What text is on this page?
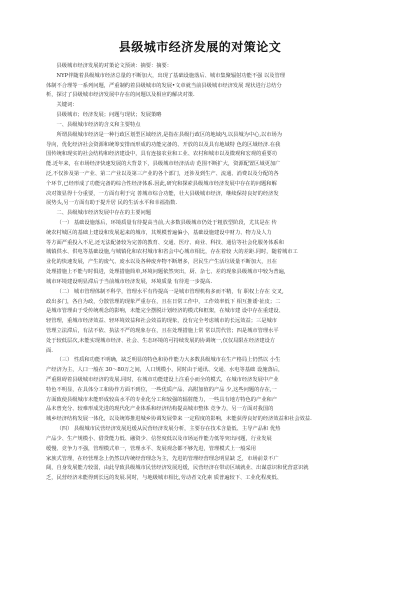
县级城市经济发展的对策论文
县级城市经济发展的对策论文预读：摘要：摘要：
NYP伴随着县级城市经济总量的不断加大，出现了基础设施落后、城市集聚辐射功能不强 以及管理
体制不合理等一系列问题，严重制约着县级城市的发展•文章就当前县级城市经济发展 现状进行总结分
析，探讨了县级城市经济发展中存在的问题以及相应的解决对策.
关键词：
县级城市；经济发展；问题与现状；发展策略
一、县级城市经济的含义和主要特点
所谓县级城市经济是一种行政区划型区域经济,是指在县级行政区的地域内,以县城为中心,以市场为
导向，优化经济社会资源和统筹安排而形成的功能完备的、开放的以及具有地域特 色的区域经济.在我
国传统和现实的社会结构和经济建设中，具有连接农业和工业、农村和城市以及微观和宏观的重要功
能.近年来，在市场经济快速发展的大背景下，县级城市经济活动 范围不断扩大，资源配置区域更加广
泛,不仅涉及第一产业、第二产业以及第三产业的各个部门，还涉及到生产、流通、消费以及分配的各
个环节,已经形成了功能完备的综合性经济体系.因此,研究和探索县级城市经济发展中存在的问题和解
决对策显得十分重要，一方面有利于完 善城市综合功能，壮大县级城市经济，继续保持良好的经济发
展势头,另一方面有助于提升居 民的生活水平和幸福指数.
二、县级城市经济发展中存在的主要问题
（一） 基础设施落后，环境质量有待提高当前,大多数县级城市仍处于粗放型阶段，尤其是在 传
统农村城区的基础上建设和发展起来的城市，其规模普遍偏小，基础设施建设中财力、物力及人力
等方面严重投入不足,还无法配备较为完善的教育、交通、医疗、商业、科技、通信等社会化服务体系和
城镇供水、供电等基础设施,与城镇化和农村城市和省会中心城市相比，存在着较 大的差距.同时，随着城市工
业化的快速发展，产生的废气、废水以及各种废弃物不断增多，居民生产生活垃圾量不断加大，且在
处理措施上不能与时俱进，处理措施简单,环境问题依然突出，厨、杂七、差的现象县级城市中较为普遍,
城市环境建设明显滞后于当前城市经济发展，环境质量 有待进一步提高.
（二） 城市管理体制不科学，管理水平有待提高一是城市管理机构多而不精，有 职权上存在 交叉,
政出多门，各自为政，分散管理的现象严重存在，且在日常工作中，工作效率低下 相互推诿·扯皮；二
是城市管理由于受传统观念的影响，未能完全摆脱计划经济的模式和框架，在城市建 设中存在重建设、
轻管理，重城市经济效益、轻环境效益和社会效益的现象，没有完全考虑城市的长远效益；三是城市
管理立法滞后，有法不依、执法不严的现象存在，且在处理措施上常 常以罚代管；四是城市管理水平
处于较低层次,未能实现城市经济、社会、生态环境的可持续发展的协调统一,仅仅局限在经济建设方
面.
（三） 性质和功能不明确，缺乏明显的特色和协作能力大多数县级城市在生产格局上仍然以 小生
产经济为主，人口一般在 30～80万之间，人口规模小，同时由于通讯、交通、水电等基础 设施落后，
严重阻碍着县级城市经济的发展.同时，在城市功能建设上注重小而全的模式，在城市经济发展中产业
特色不明显，在具体分工和协作方面不到位，一些优质产品、高附加值的产品 少,这些问题的存在,一
方面致使县级城市未能形成较高水平的专业化分工和较强的辐射能力，一些具有地方特色的产业和产
品未曾充分、较难形成先进的现代化产业体系和经济结构提高城市整体 竞争力，另一方面对我国的
城乡经济结构发展一体化，以及统筹推进城乡协调发展带来 一定程度的影响，未能获得良好的经济效益和社会效益.
（四） 县级城市民营经济发展迟缓从民营经济发展分析，主要存在技术含量低、主导产品和 优热
产品少、生产规模小、借贷能力低、融资少、信誉度低以及市场运作能力低等突出问题，行业发展
缓慢、竞争力不强，管理模式单一，管理水平、发展观念都不够先进，管理模式上一般采用
家族式管理，在经营理念上仍然以传统经营理念为主，先进的管理经营理念明显缺 乏，市场前景不广
阔，自身发展能力较弱，由此导致县级城市民营经济发展迟缓，民营经济在带动区域就业、出谋意识和优营意识就
乏，民营经济未能得到长远的发展.同时，与地级城市相比,劳动者文化素 质普遍较下、工业化程度低、
